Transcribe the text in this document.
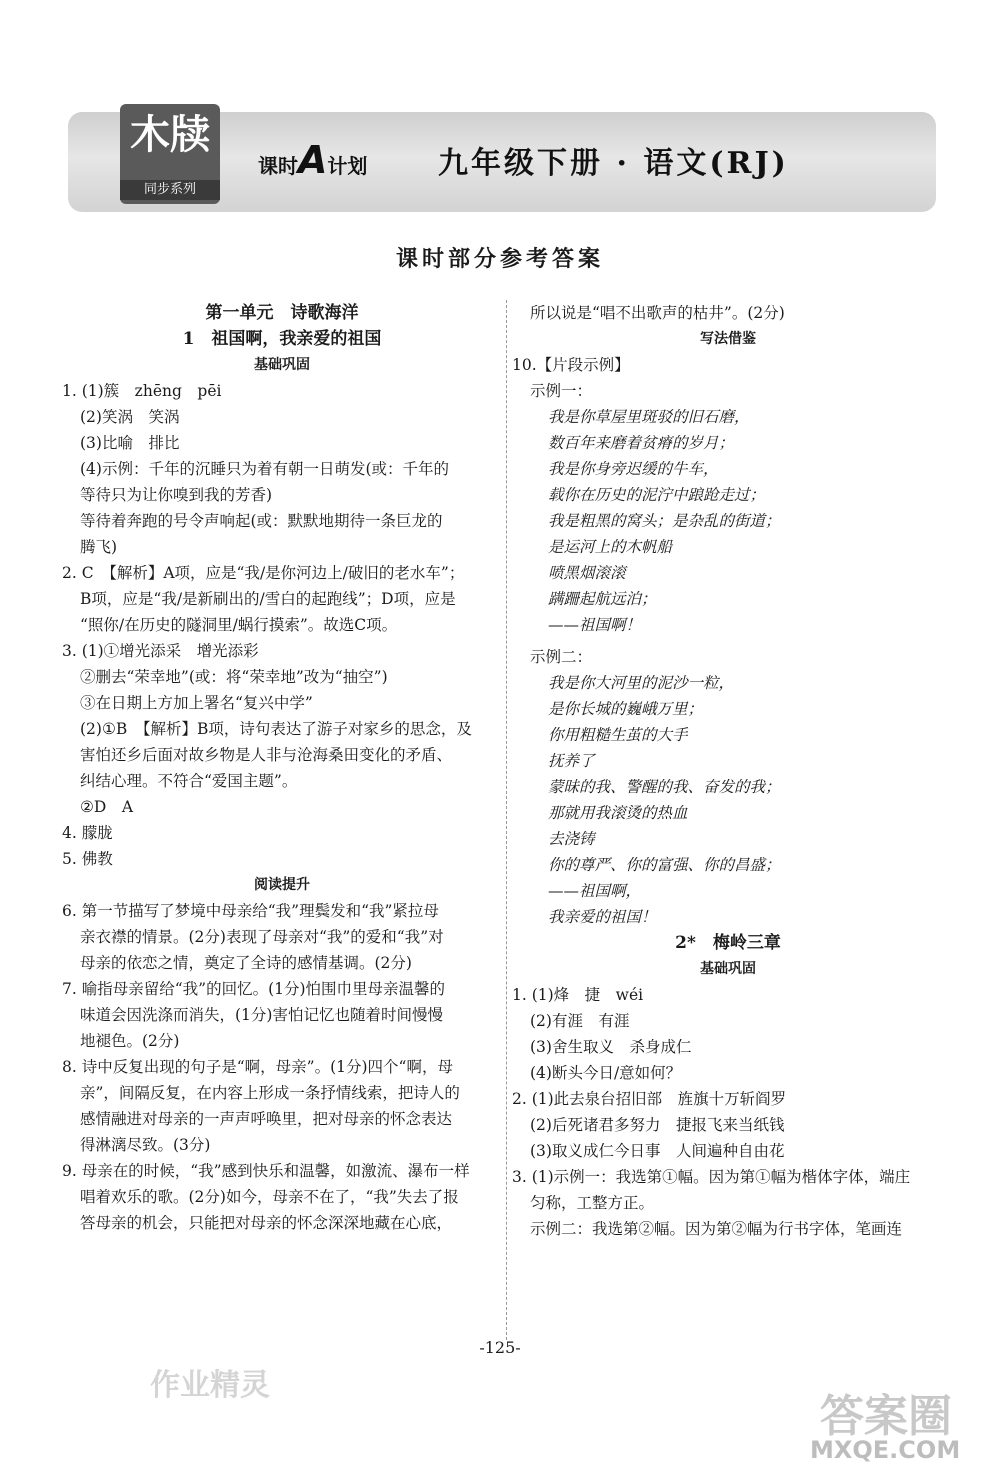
木牍
同步系列
课时A计划 九年级下册 · 语文(RJ)
课时部分参考答案
第一单元　诗歌海洋
1　祖国啊，我亲爱的祖国
基础巩固
1. (1)簇　zhēng　pēi
(2)笑涡　笑涡
(3)比喻　排比
(4)示例：千年的沉睡只为着有朝一日萌发(或：千年的
等待只为让你嗅到我的芳香)
等待着奔跑的号令声响起(或：默默地期待一条巨龙的
腾飞)
2. C　【解析】A项，应是“我/是你河边上/破旧的老水车”；
B项，应是“我/是新刷出的/雪白的起跑线”；D项，应是
“照你/在历史的隧洞里/蜗行摸索”。故选C项。
3. (1)①增光添采　增光添彩
②删去“荣幸地”(或：将“荣幸地”改为“抽空”)
③在日期上方加上署名“复兴中学”
(2)①B　【解析】B项，诗句表达了游子对家乡的思念，及
害怕还乡后面对故乡物是人非与沧海桑田变化的矛盾、
纠结心理。不符合“爱国主题”。
②D　A
4. 朦胧
5. 佛教
阅读提升
6. 第一节描写了梦境中母亲给“我”理鬓发和“我”紧拉母
亲衣襟的情景。(2分)表现了母亲对“我”的爱和“我”对
母亲的依恋之情，奠定了全诗的感情基调。(2分)
7. 喻指母亲留给“我”的回忆。(1分)怕围巾里母亲温馨的
味道会因洗涤而消失，(1分)害怕记忆也随着时间慢慢
地褪色。(2分)
8. 诗中反复出现的句子是“啊，母亲”。(1分)四个“啊，母
亲”，间隔反复，在内容上形成一条抒情线索，把诗人的
感情融进对母亲的一声声呼唤里，把对母亲的怀念表达
得淋漓尽致。(3分)
9. 母亲在的时候，“我”感到快乐和温馨，如激流、瀑布一样
唱着欢乐的歌。(2分)如今，母亲不在了，“我”失去了报
答母亲的机会，只能把对母亲的怀念深深地藏在心底，
所以说是“唱不出歌声的枯井”。(2分)
写法借鉴
10.【片段示例】
示例一：
我是你草屋里斑驳的旧石磨，
数百年来磨着贫瘠的岁月；
我是你身旁迟缓的牛车，
载你在历史的泥泞中踉跄走过；
我是粗黑的窝头；是杂乱的街道；
是运河上的木帆船
喷黑烟滚滚
蹒跚起航远泊；
——祖国啊！
示例二：
我是你大河里的泥沙一粒，
是你长城的巍峨万里；
你用粗糙生茧的大手
抚养了
蒙昧的我、警醒的我、奋发的我；
那就用我滚烫的热血
去浇铸
你的尊严、你的富强、你的昌盛；
——祖国啊，
我亲爱的祖国！
2*　梅岭三章
基础巩固
1. (1)烽　捷　wéi
(2)有涯　有涯
(3)舍生取义　杀身成仁
(4)断头今日/意如何？
2. (1)此去泉台招旧部　旌旗十万斩阎罗
(2)后死诸君多努力　捷报飞来当纸钱
(3)取义成仁今日事　人间遍种自由花
3. (1)示例一：我选第①幅。因为第①幅为楷体字体，端庄
匀称，工整方正。
示例二：我选第②幅。因为第②幅为行书字体，笔画连
-125-
作业精灵
答案圈
MXQE.COM
